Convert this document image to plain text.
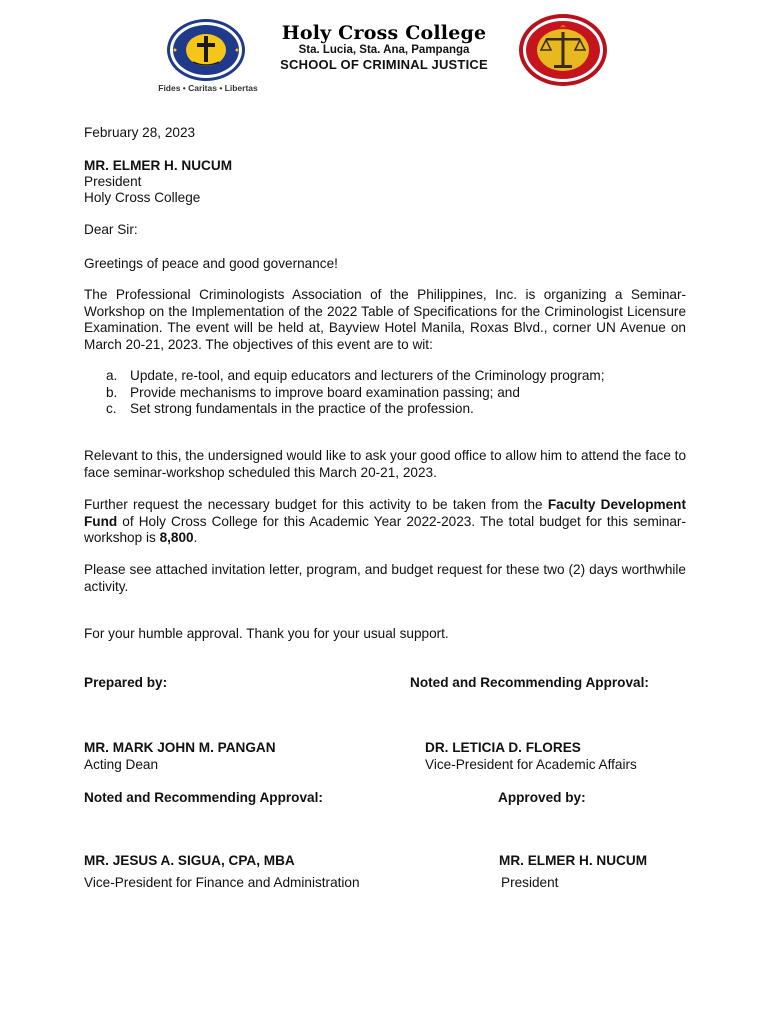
Fides • Caritas • Libertas
Holy Cross College
Sta. Lucia, Sta. Ana, Pampanga
SCHOOL OF CRIMINAL JUSTICE
February 28, 2023
MR. ELMER H. NUCUM
President
Holy Cross College
Dear Sir:
Greetings of peace and good governance!
The Professional Criminologists Association of the Philippines, Inc. is organizing a Seminar-Workshop on the Implementation of the 2022 Table of Specifications for the Criminologist Licensure Examination. The event will be held at, Bayview Hotel Manila, Roxas Blvd., corner UN Avenue on March 20-21, 2023. The objectives of this event are to wit:
a. Update, re-tool, and equip educators and lecturers of the Criminology program;
b. Provide mechanisms to improve board examination passing; and
c. Set strong fundamentals in the practice of the profession.
Relevant to this, the undersigned would like to ask your good office to allow him to attend the face to face seminar-workshop scheduled this March 20-21, 2023.
Further request the necessary budget for this activity to be taken from the Faculty Development Fund of Holy Cross College for this Academic Year 2022-2023. The total budget for this seminar-workshop is 8,800.
Please see attached invitation letter, program, and budget request for these two (2) days worthwhile activity.
For your humble approval. Thank you for your usual support.
Prepared by:	Noted and Recommending Approval:
MR. MARK JOHN M. PANGAN
Acting Dean
DR. LETICIA D. FLORES
Vice-President for Academic Affairs
Noted and Recommending Approval:	Approved by:
MR. JESUS A. SIGUA, CPA, MBA
Vice-President for Finance and Administration
MR. ELMER H. NUCUM
President
